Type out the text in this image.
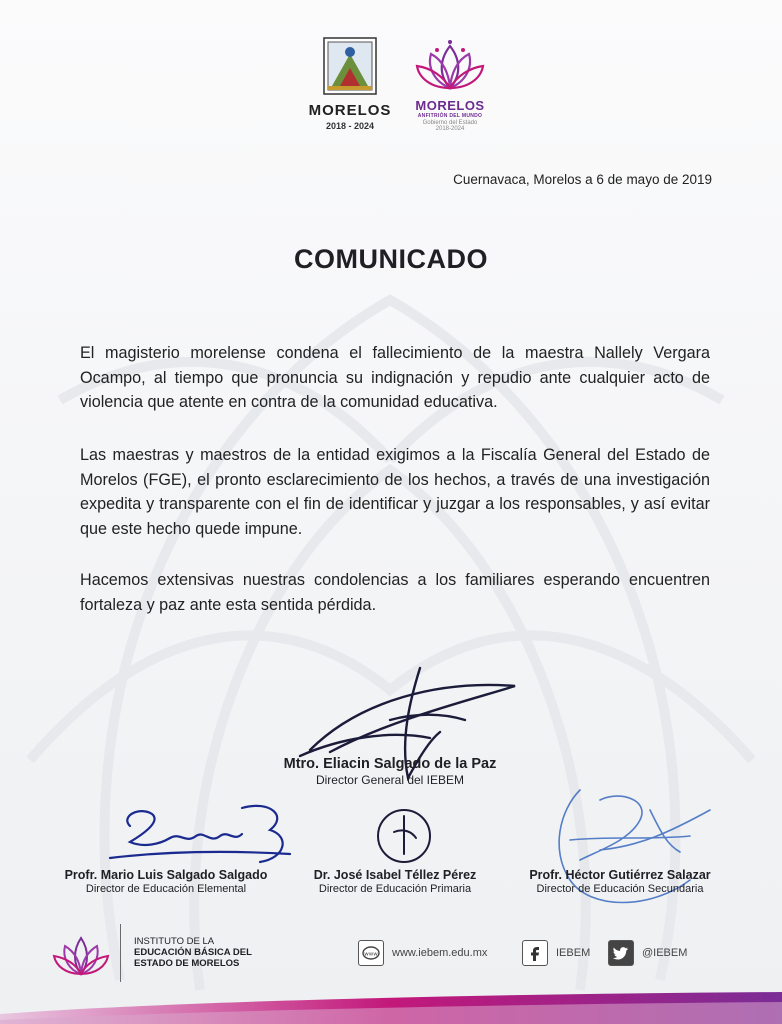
MORELOS
2018 - 2024
MORELOS
ANFITRIÓN DEL MUNDO
Gobierno del Estado
2018-2024
Cuernavaca, Morelos a 6 de mayo de 2019
COMUNICADO

El magisterio morelense condena el fallecimiento de la maestra Nallely Vergara Ocampo, al tiempo que pronuncia su indignación y repudio ante cualquier acto de violencia que atente en contra de la comunidad educativa.

Las maestras y maestros de la entidad exigimos a la Fiscalía General del Estado de Morelos (FGE), el pronto esclarecimiento de los hechos, a través de una investigación expedita y transparente con el fin de identificar y juzgar a los responsables, y así evitar que este hecho quede impune.

Hacemos extensivas nuestras condolencias a los familiares esperando encuentren fortaleza y paz ante esta sentida pérdida.

Mtro. Eliacin Salgado de la Paz
Director General del IEBEM
Profr. Mario Luis Salgado Salgado
Director de Educación Elemental
Dr. José Isabel Téllez Pérez
Director de Educación Primaria
Profr. Héctor Gutiérrez Salazar
Director de Educación Secundaria
INSTITUTO DE LA
EDUCACIÓN BÁSICA DEL
ESTADO DE MORELOS
www www.iebem.edu.mx	IEBEM	@IEBEM
